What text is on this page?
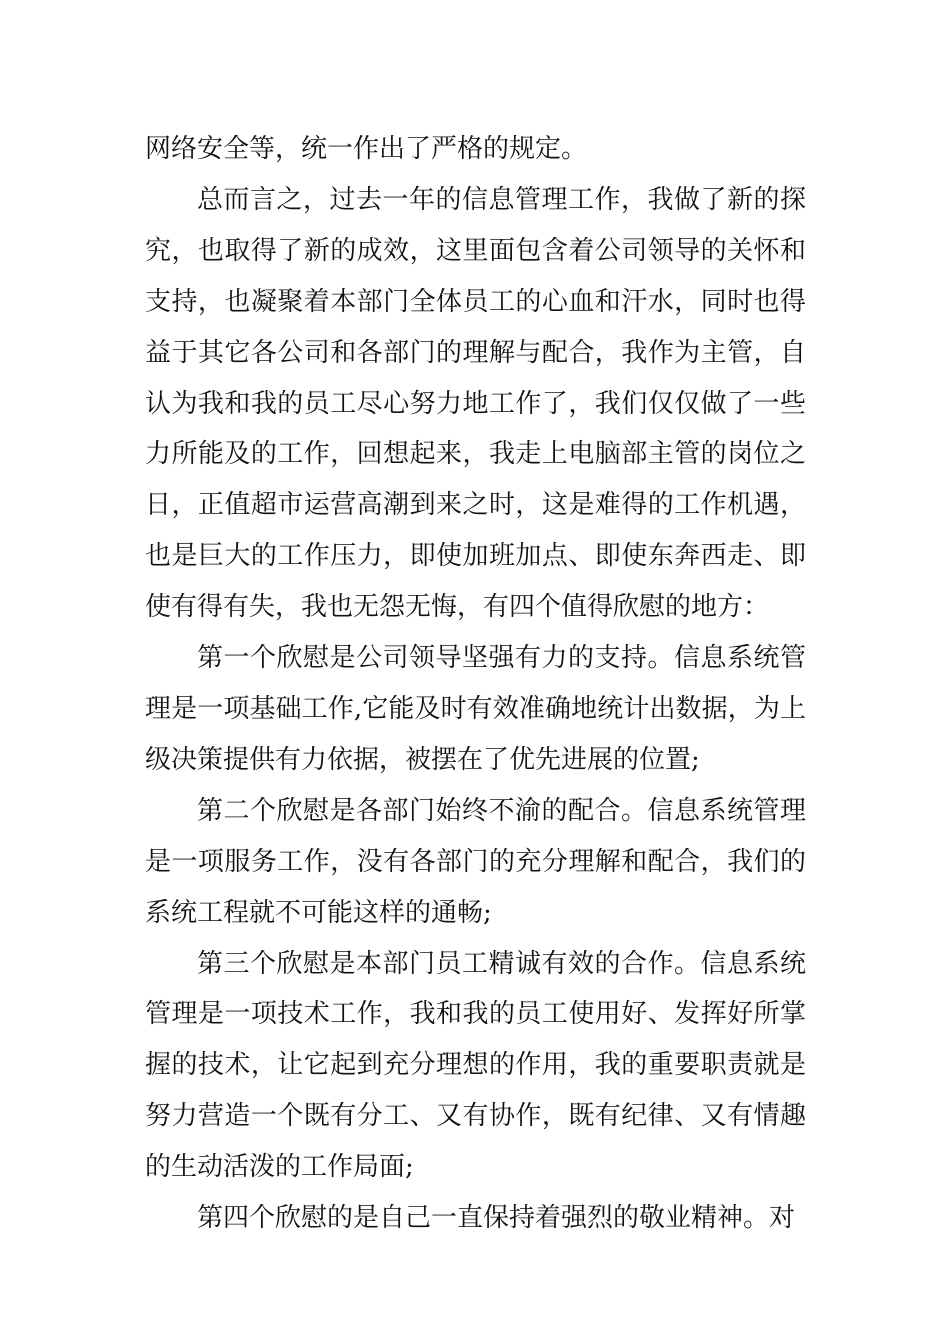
网络安全等，统一作出了严格的规定。

总而言之，过去一年的信息管理工作，我做了新的探究，也取得了新的成效，这里面包含着公司领导的关怀和支持，也凝聚着本部门全体员工的心血和汗水，同时也得益于其它各公司和各部门的理解与配合，我作为主管，自认为我和我的员工尽心努力地工作了，我们仅仅做了一些力所能及的工作，回想起来，我走上电脑部主管的岗位之日，正值超市运营高潮到来之时，这是难得的工作机遇，也是巨大的工作压力，即使加班加点、即使东奔西走、即使有得有失，我也无怨无悔，有四个值得欣慰的地方：

第一个欣慰是公司领导坚强有力的支持。信息系统管理是一项基础工作,它能及时有效准确地统计出数据，为上级决策提供有力依据，被摆在了优先进展的位置;

第二个欣慰是各部门始终不渝的配合。信息系统管理是一项服务工作，没有各部门的充分理解和配合，我们的系统工程就不可能这样的通畅;

第三个欣慰是本部门员工精诚有效的合作。信息系统管理是一项技术工作，我和我的员工使用好、发挥好所掌握的技术，让它起到充分理想的作用，我的重要职责就是努力营造一个既有分工、又有协作，既有纪律、又有情趣的生动活泼的工作局面;

第四个欣慰的是自己一直保持着强烈的敬业精神。对
